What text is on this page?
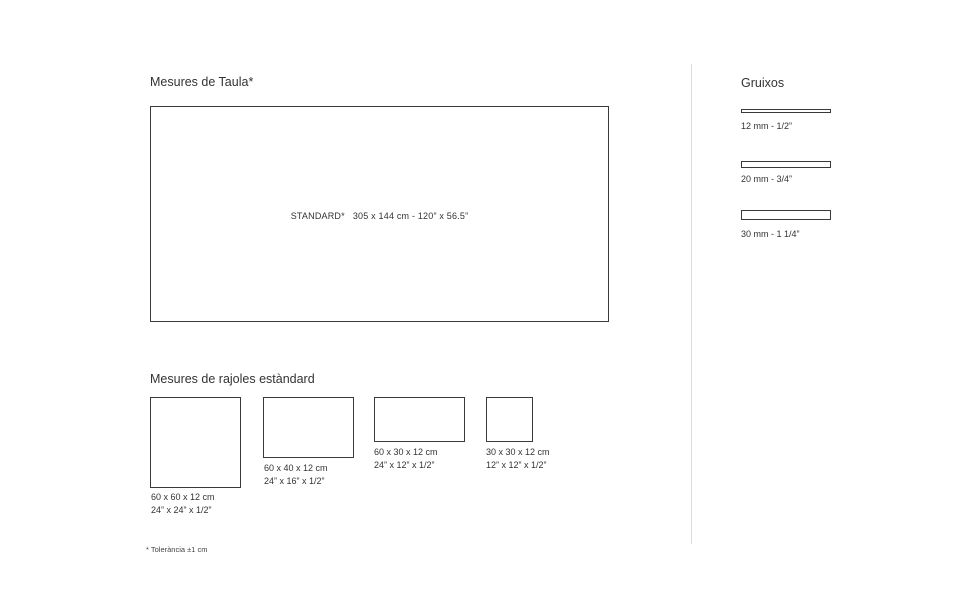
Mesures de Taula*
STANDARD* 305 x 144 cm - 120” x 56.5”
Mesures de rajoles estàndard
60 x 60 x 12 cm
24” x 24” x 1/2”
60 x 40 x 12 cm
24” x 16” x 1/2”
60 x 30 x 12 cm
24” x 12” x 1/2”
30 x 30 x 12 cm
12” x 12” x 1/2”
Gruixos
12 mm - 1/2”
20 mm - 3/4”
30 mm - 1 1/4”
* Tolerància ±1 cm
